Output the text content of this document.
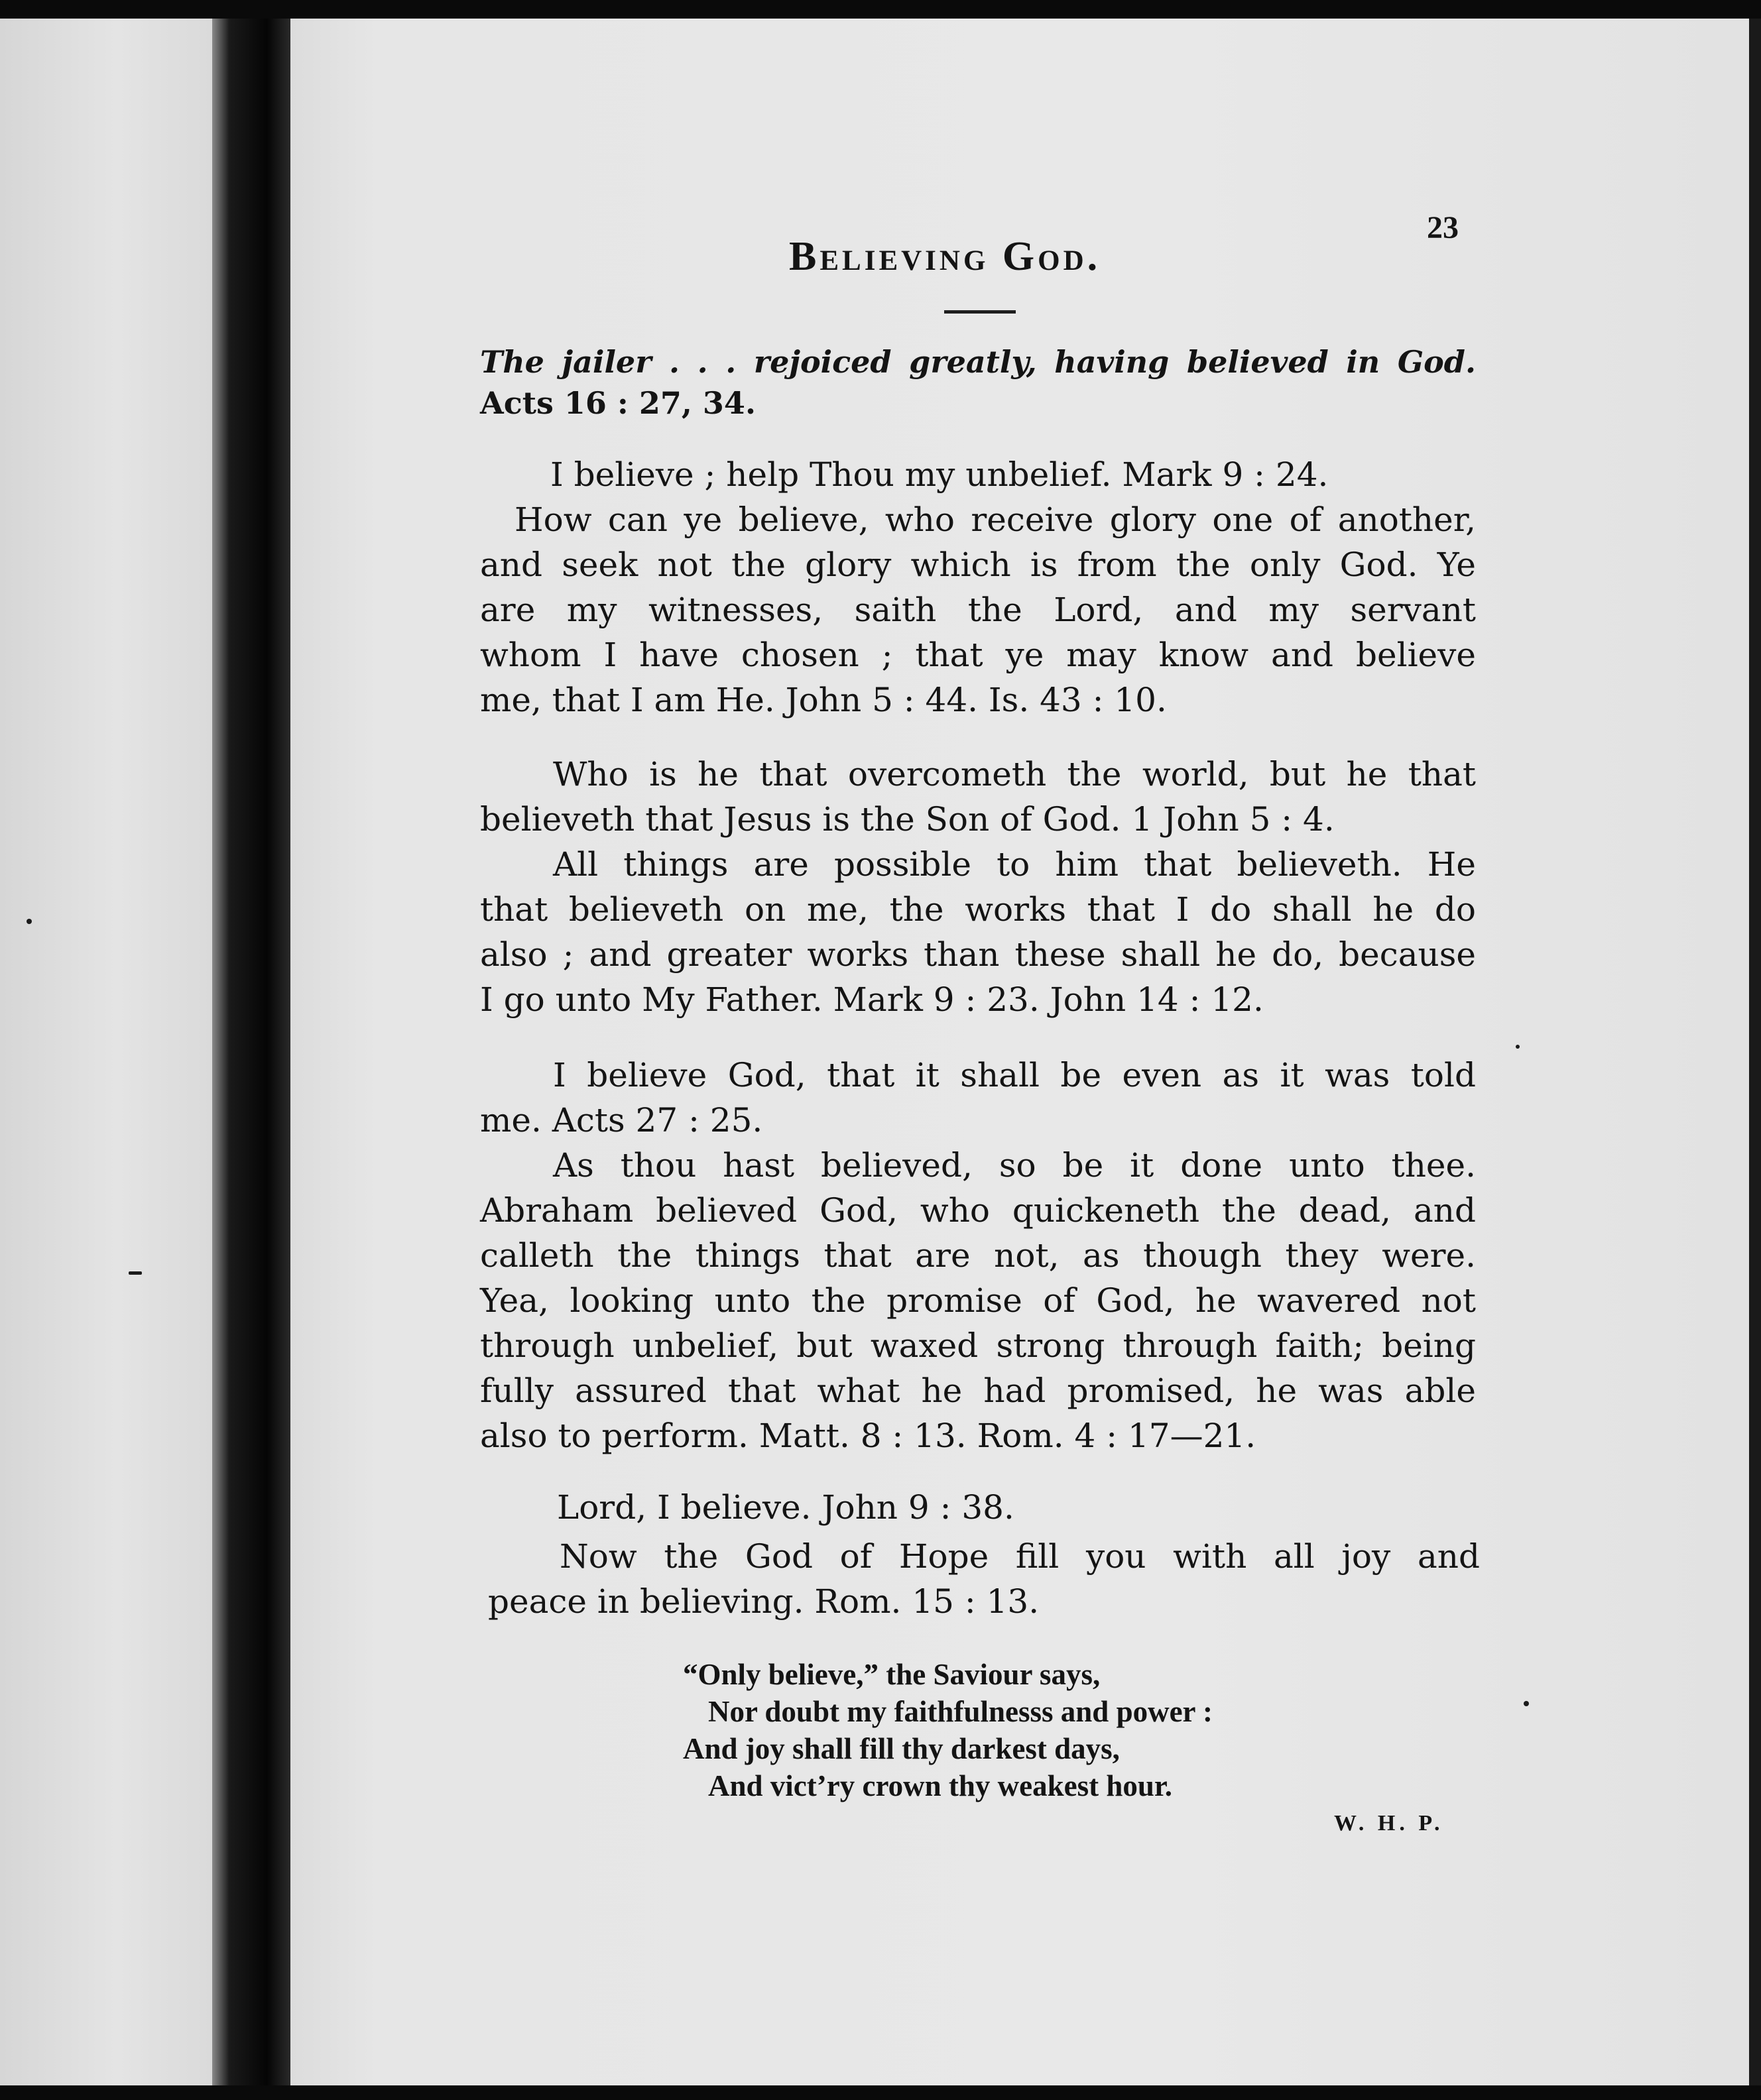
23
Believing God.
The jailer . . . rejoiced greatly, having believed in God.
Acts 16 : 27, 34.
I believe ; help Thou my unbelief. Mark 9 : 24.
How can ye believe, who receive glory one of another,
and seek not the glory which is from the only God. Ye
are my witnesses, saith the Lord, and my servant
whom I have chosen ; that ye may know and believe
me, that I am He. John 5 : 44. Is. 43 : 10.
Who is he that overcometh the world, but he that
believeth that Jesus is the Son of God. 1 John 5 : 4.
All things are possible to him that believeth. He
that believeth on me, the works that I do shall he do
also ; and greater works than these shall he do, because
I go unto My Father. Mark 9 : 23. John 14 : 12.
I believe God, that it shall be even as it was told
me. Acts 27 : 25.
As thou hast believed, so be it done unto thee.
Abraham believed God, who quickeneth the dead, and
calleth the things that are not, as though they were.
Yea, looking unto the promise of God, he wavered not
through unbelief, but waxed strong through faith; being
fully assured that what he had promised, he was able
also to perform. Matt. 8 : 13. Rom. 4 : 17—21.
Lord, I believe. John 9 : 38.
Now the God of Hope fill you with all joy and
peace in believing. Rom. 15 : 13.
“Only believe,” the Saviour says,
Nor doubt my faithfulnesss and power :
And joy shall fill thy darkest days,
And vict’ry crown thy weakest hour.
W. H. P.
